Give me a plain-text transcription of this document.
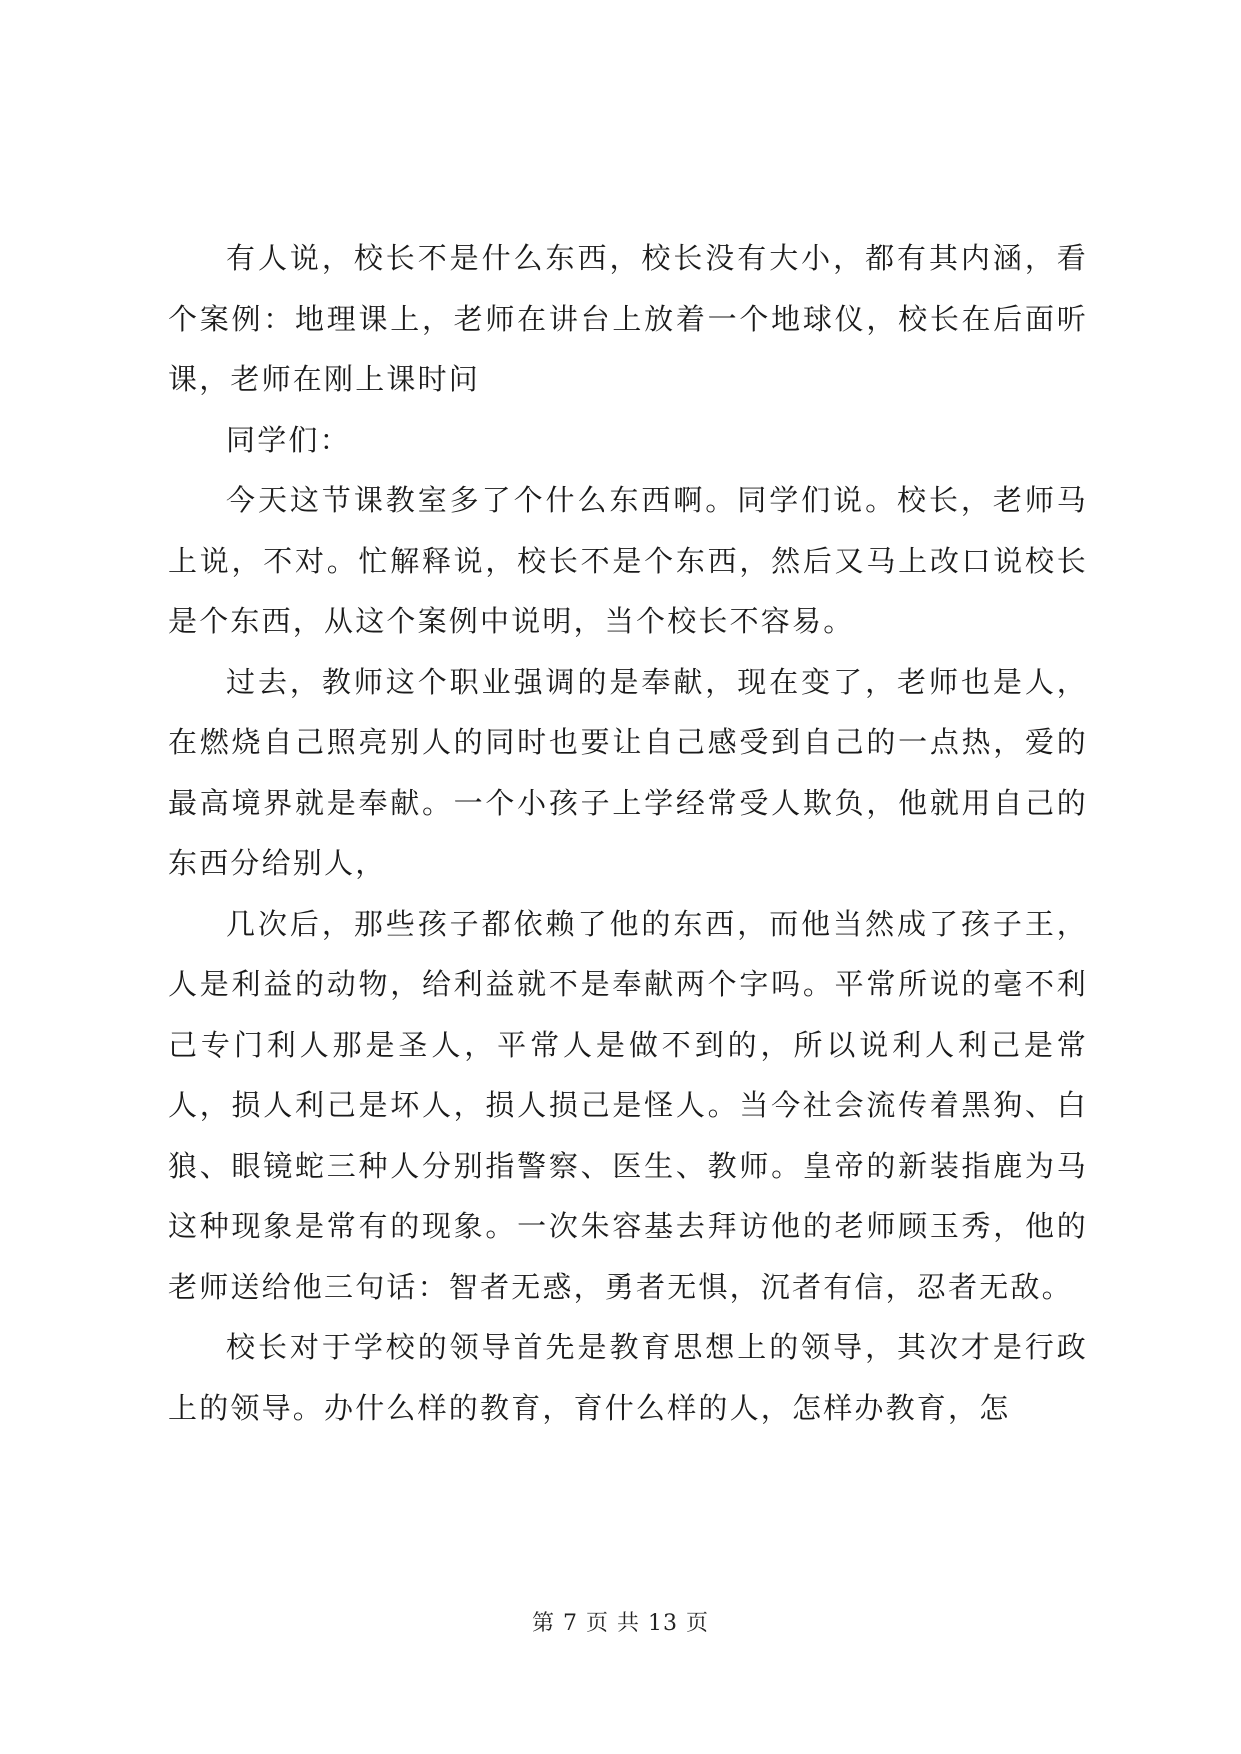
有人说，校长不是什么东西，校长没有大小，都有其内涵，看个案例：地理课上，老师在讲台上放着一个地球仪，校长在后面听课，老师在刚上课时问

同学们：

今天这节课教室多了个什么东西啊。同学们说。校长，老师马上说，不对。忙解释说，校长不是个东西，然后又马上改口说校长是个东西，从这个案例中说明，当个校长不容易。

过去，教师这个职业强调的是奉献，现在变了，老师也是人，在燃烧自己照亮别人的同时也要让自己感受到自己的一点热，爱的最高境界就是奉献。一个小孩子上学经常受人欺负，他就用自己的东西分给别人，

几次后，那些孩子都依赖了他的东西，而他当然成了孩子王，人是利益的动物，给利益就不是奉献两个字吗。平常所说的毫不利己专门利人那是圣人，平常人是做不到的，所以说利人利己是常人，损人利己是坏人，损人损己是怪人。当今社会流传着黑狗、白狼、眼镜蛇三种人分别指警察、医生、教师。皇帝的新装指鹿为马这种现象是常有的现象。一次朱容基去拜访他的老师顾玉秀，他的老师送给他三句话：智者无惑，勇者无惧，沉者有信，忍者无敌。

校长对于学校的领导首先是教育思想上的领导，其次才是行政上的领导。办什么样的教育，育什么样的人，怎样办教育，怎

第 7 页 共 13 页
